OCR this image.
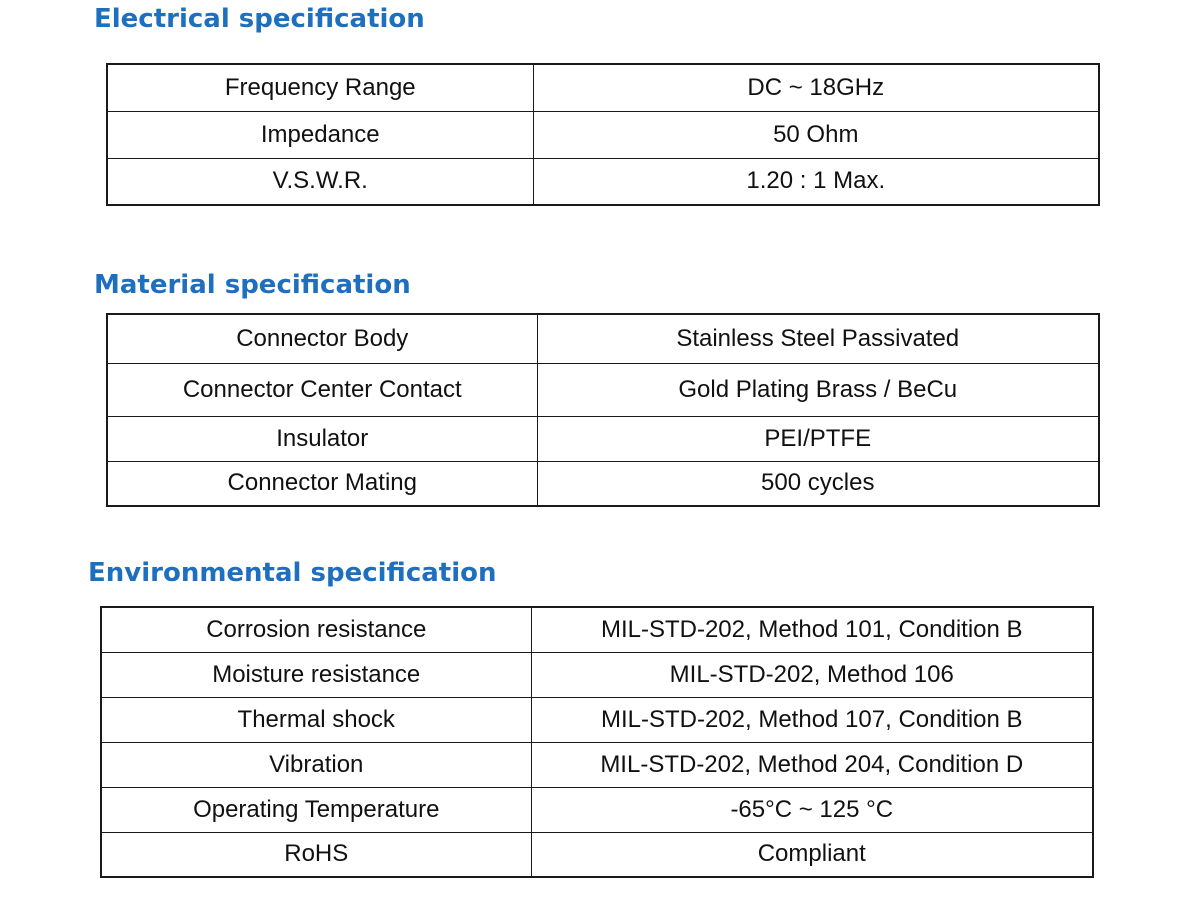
Electrical specification
Frequency Range	DC ~ 18GHz
Impedance	50 Ohm
V.S.W.R.	1.20 : 1 Max.
Material specification
Connector Body	Stainless Steel Passivated
Connector Center Contact	Gold Plating Brass / BeCu
Insulator	PEI/PTFE
Connector Mating	500 cycles
Environmental specification
Corrosion resistance	MIL-STD-202, Method 101, Condition B
Moisture resistance	MIL-STD-202, Method 106
Thermal shock	MIL-STD-202, Method 107, Condition B
Vibration	MIL-STD-202, Method 204, Condition D
Operating Temperature	-65°C ~ 125 °C
RoHS	Compliant
